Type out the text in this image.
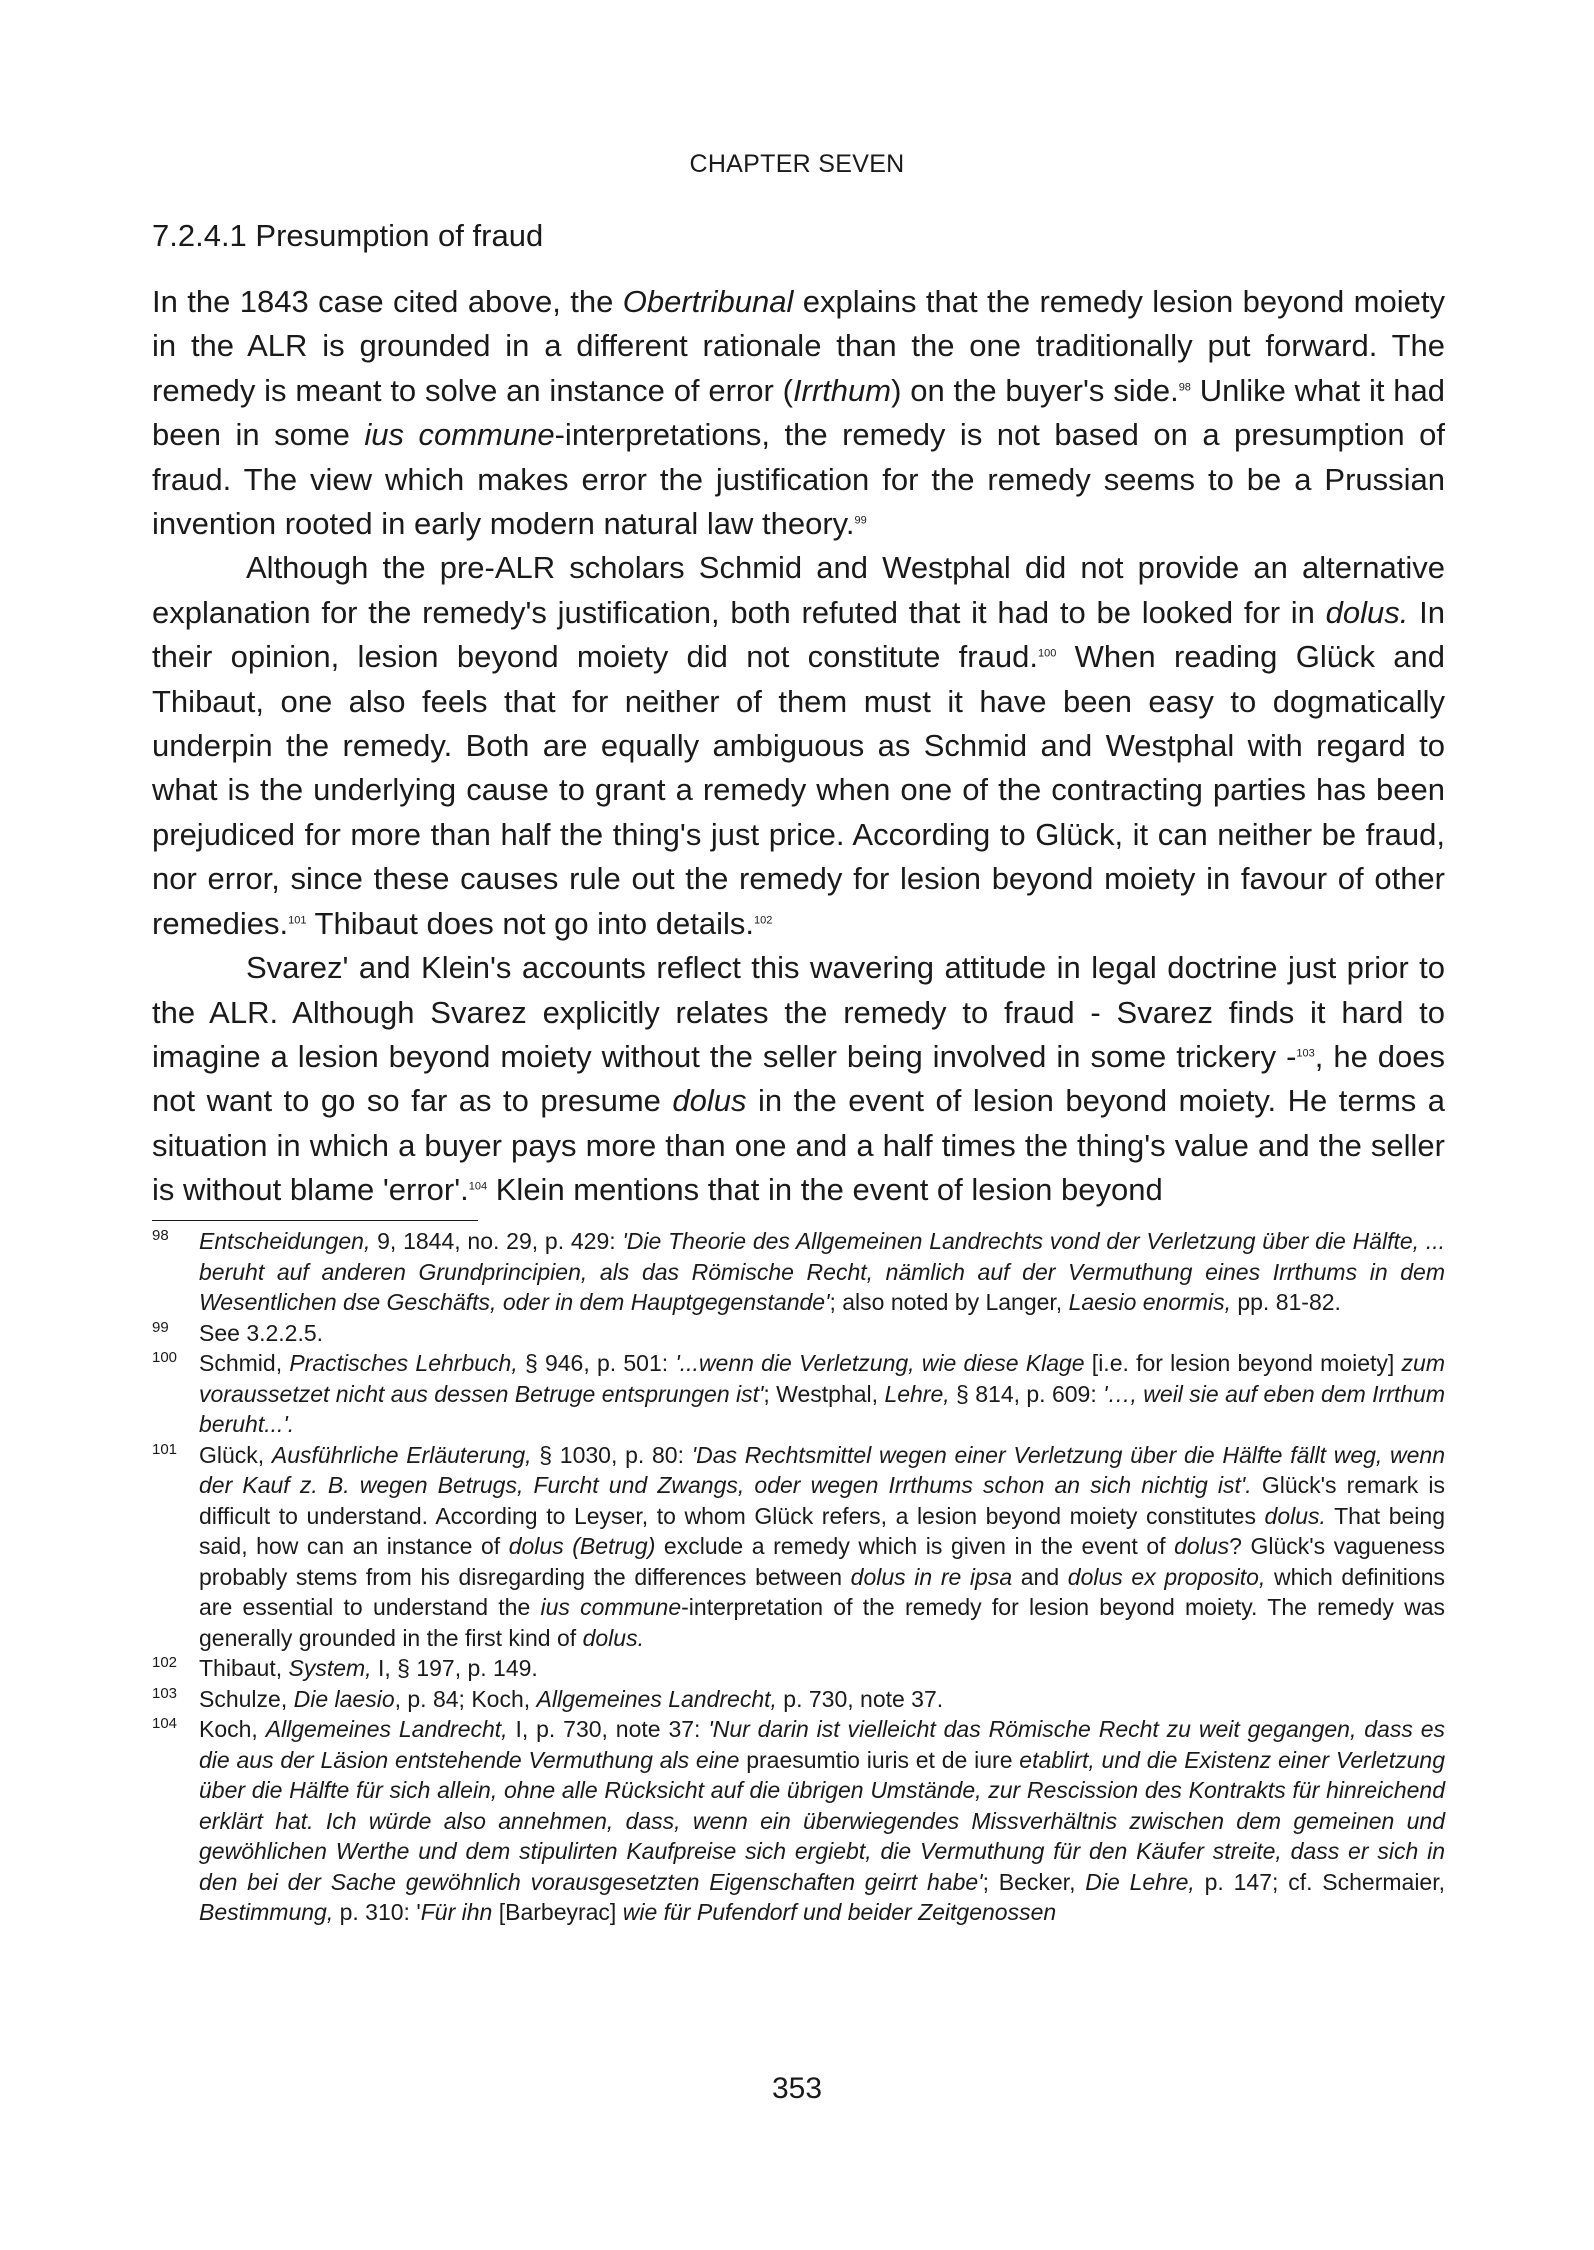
CHAPTER SEVEN
7.2.4.1 Presumption of fraud

In the 1843 case cited above, the Obertribunal explains that the remedy lesion beyond moiety in the ALR is grounded in a different rationale than the one traditionally put forward. The remedy is meant to solve an instance of error (Irrthum) on the buyer's side.$^{98}$ Unlike what it had been in some ius commune-interpretations, the remedy is not based on a presumption of fraud. The view which makes error the justification for the remedy seems to be a Prussian invention rooted in early modern natural law theory.$^{99}$

Although the pre-ALR scholars Schmid and Westphal did not provide an alternative explanation for the remedy's justification, both refuted that it had to be looked for in dolus. In their opinion, lesion beyond moiety did not constitute fraud.$^{100}$ When reading Glück and Thibaut, one also feels that for neither of them must it have been easy to dogmatically underpin the remedy. Both are equally ambiguous as Schmid and Westphal with regard to what is the underlying cause to grant a remedy when one of the contracting parties has been prejudiced for more than half the thing's just price. According to Glück, it can neither be fraud, nor error, since these causes rule out the remedy for lesion beyond moiety in favour of other remedies.$^{101}$ Thibaut does not go into details.$^{102}$

Svarez' and Klein's accounts reflect this wavering attitude in legal doctrine just prior to the ALR. Although Svarez explicitly relates the remedy to fraud - Svarez finds it hard to imagine a lesion beyond moiety without the seller being involved in some trickery -$^{103}$, he does not want to go so far as to presume dolus in the event of lesion beyond moiety. He terms a situation in which a buyer pays more than one and a half times the thing's value and the seller is without blame 'error'.$^{104}$ Klein mentions that in the event of lesion beyond

98	Entscheidungen, 9, 1844, no. 29, p. 429: 'Die Theorie des Allgemeinen Landrechts vond der Verletzung über die Hälfte, ... beruht auf anderen Grundprincipien, als das Römische Recht, nämlich auf der Vermuthung eines Irrthums in dem Wesentlichen dse Geschäfts, oder in dem Hauptgegenstande'; also noted by Langer, Laesio enormis, pp. 81-82.
99	See 3.2.2.5.
100 Schmid, Practisches Lehrbuch, § 946, p. 501: '...wenn die Verletzung, wie diese Klage [i.e. for lesion beyond moiety] zum voraussetzet nicht aus dessen Betruge entsprungen ist'; Westphal, Lehre, § 814, p. 609: '…, weil sie auf eben dem Irrthum beruht...'.
101 Glück, Ausführliche Erläuterung, § 1030, p. 80: 'Das Rechtsmittel wegen einer Verletzung über die Hälfte fällt weg, wenn der Kauf z. B. wegen Betrugs, Furcht und Zwangs, oder wegen Irrthums schon an sich nichtig ist'. Glück's remark is difficult to understand. According to Leyser, to whom Glück refers, a lesion beyond moiety constitutes dolus. That being said, how can an instance of dolus (Betrug) exclude a remedy which is given in the event of dolus? Glück's vagueness probably stems from his disregarding the differences between dolus in re ipsa and dolus ex proposito, which definitions are essential to understand the ius commune-interpretation of the remedy for lesion beyond moiety. The remedy was generally grounded in the first kind of dolus.
102 Thibaut, System, I, § 197, p. 149.
103 Schulze, Die laesio, p. 84; Koch, Allgemeines Landrecht, p. 730, note 37.
104 Koch, Allgemeines Landrecht, I, p. 730, note 37: 'Nur darin ist vielleicht das Römische Recht zu weit gegangen, dass es die aus der Läsion entstehende Vermuthung als eine praesumtio iuris et de iure etablirt, und die Existenz einer Verletzung über die Hälfte für sich allein, ohne alle Rücksicht auf die übrigen Umstände, zur Rescission des Kontrakts für hinreichend erklärt hat. Ich würde also annehmen, dass, wenn ein überwiegendes Missverhältnis zwischen dem gemeinen und gewöhlichen Werthe und dem stipulirten Kaufpreise sich ergiebt, die Vermuthung für den Käufer streite, dass er sich in den bei der Sache gewöhnlich vorausgesetzten Eigenschaften geirrt habe'; Becker, Die Lehre, p. 147; cf. Schermaier, Bestimmung, p. 310: 'Für ihn [Barbeyrac] wie für Pufendorf und beider Zeitgenossen
353
